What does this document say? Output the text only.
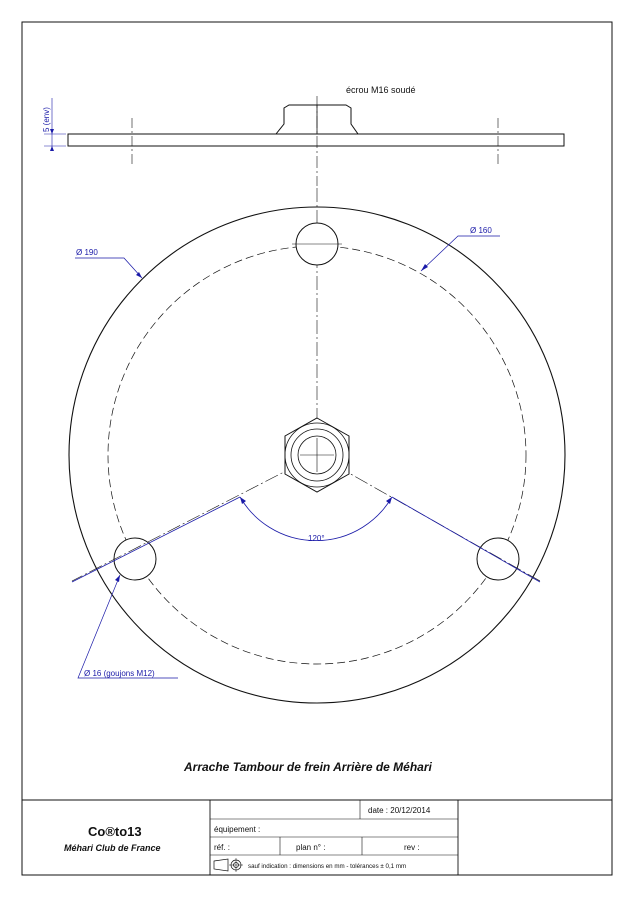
écrou M16 soudé
5 (env)
120°
Ø 190
Ø 160
Ø 16 (goujons M12)
Arrache Tambour de frein Arrière de Méhari
Co®to13
Méhari Club de France
date : 20/12/2014
équipement :
réf. :	plan n° :	rev :
sauf indication : dimensions en mm - tolérances ± 0,1 mm
